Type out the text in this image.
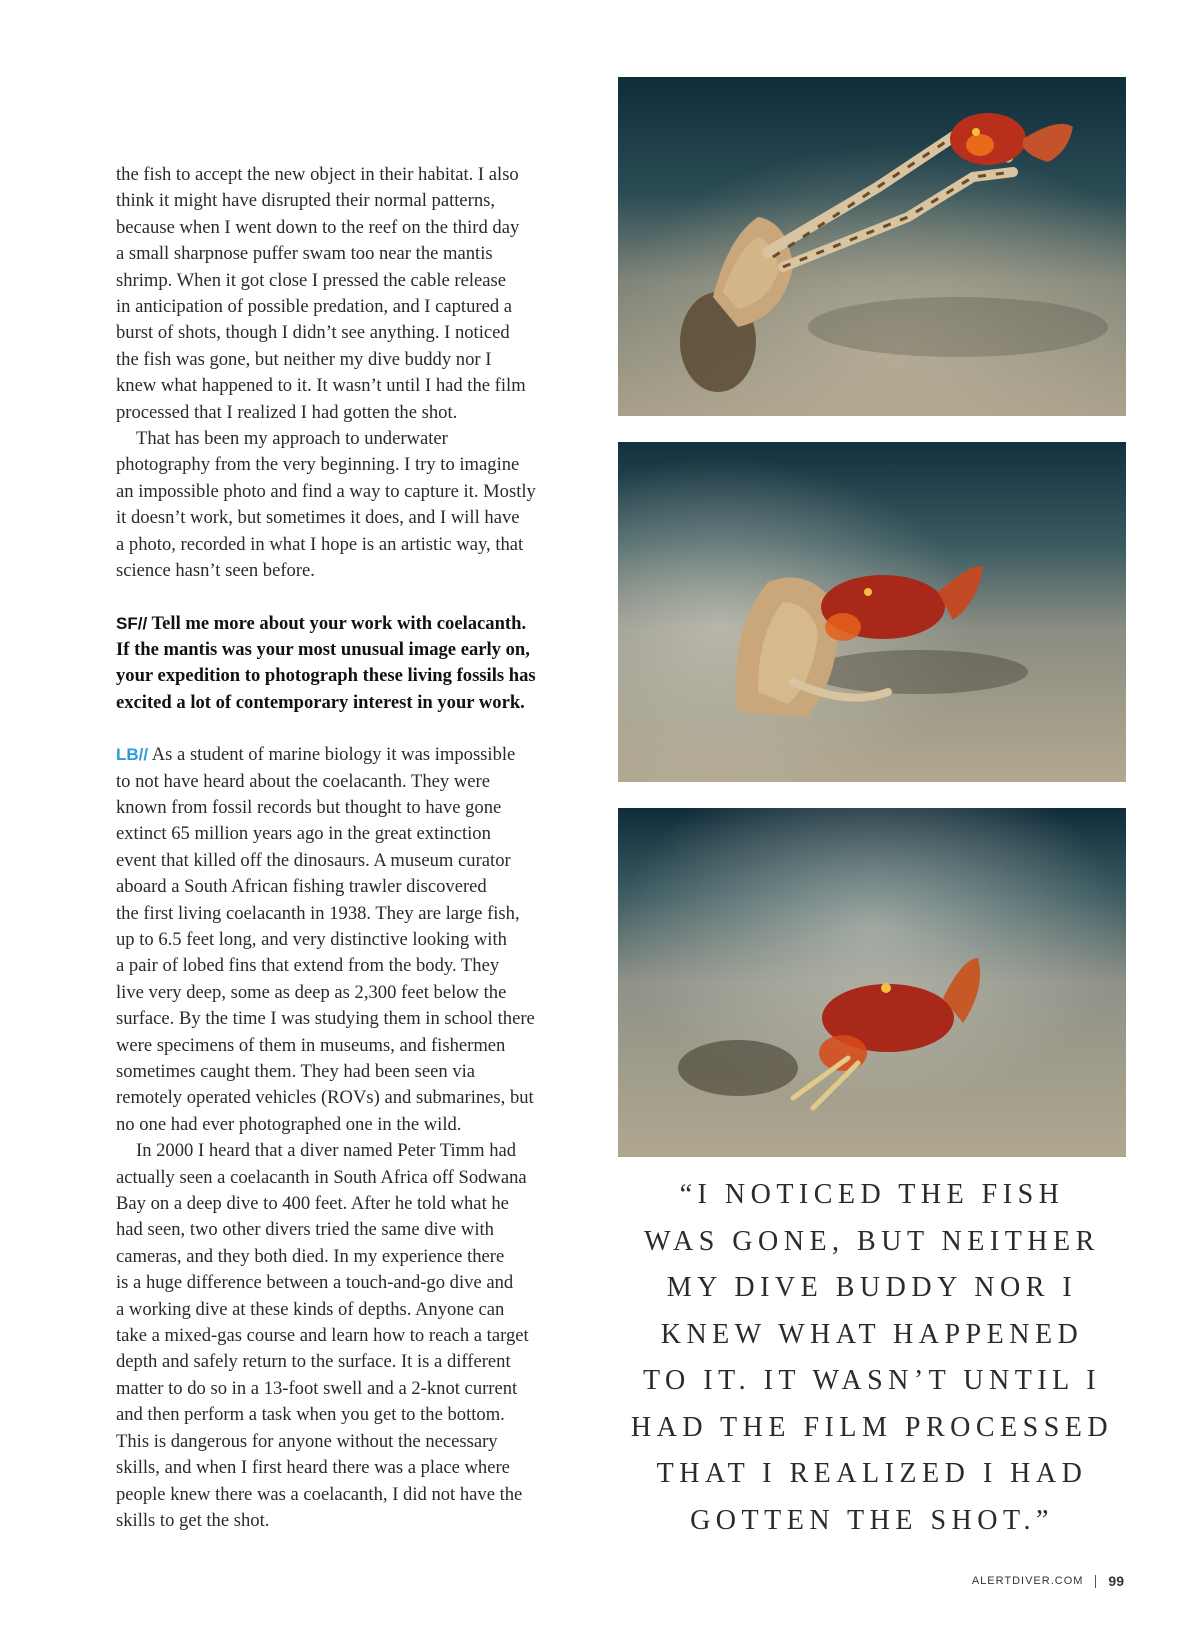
the fish to accept the new object in their habitat. I also
think it might have disrupted their normal patterns,
because when I went down to the reef on the third day
a small sharpnose puffer swam too near the mantis
shrimp. When it got close I pressed the cable release
in anticipation of possible predation, and I captured a
burst of shots, though I didn’t see anything. I noticed
the fish was gone, but neither my dive buddy nor I
knew what happened to it. It wasn’t until I had the film
processed that I realized I had gotten the shot.
That has been my approach to underwater
photography from the very beginning. I try to imagine
an impossible photo and find a way to capture it. Mostly
it doesn’t work, but sometimes it does, and I will have
a photo, recorded in what I hope is an artistic way, that
science hasn’t seen before.
SF// Tell me more about your work with coelacanth.
If the mantis was your most unusual image early on,
your expedition to photograph these living fossils has
excited a lot of contemporary interest in your work.
LB// As a student of marine biology it was impossible
to not have heard about the coelacanth. They were
known from fossil records but thought to have gone
extinct 65 million years ago in the great extinction
event that killed off the dinosaurs. A museum curator
aboard a South African fishing trawler discovered
the first living coelacanth in 1938. They are large fish,
up to 6.5 feet long, and very distinctive looking with
a pair of lobed fins that extend from the body. They
live very deep, some as deep as 2,300 feet below the
surface. By the time I was studying them in school there
were specimens of them in museums, and fishermen
sometimes caught them. They had been seen via
remotely operated vehicles (ROVs) and submarines, but
no one had ever photographed one in the wild.
In 2000 I heard that a diver named Peter Timm had
actually seen a coelacanth in South Africa off Sodwana
Bay on a deep dive to 400 feet. After he told what he
had seen, two other divers tried the same dive with
cameras, and they both died. In my experience there
is a huge difference between a touch-and-go dive and
a working dive at these kinds of depths. Anyone can
take a mixed-gas course and learn how to reach a target
depth and safely return to the surface. It is a different
matter to do so in a 13-foot swell and a 2-knot current
and then perform a task when you get to the bottom.
This is dangerous for anyone without the necessary
skills, and when I first heard there was a place where
people knew there was a coelacanth, I did not have the
skills to get the shot.
“I NOTICED THE FISH
WAS GONE, BUT NEITHER
MY DIVE BUDDY NOR I
KNEW WHAT HAPPENED
TO IT. IT WASN’T UNTIL I
HAD THE FILM PROCESSED
THAT I REALIZED I HAD
GOTTEN THE SHOT.”
ALERTDIVER.COM 99
